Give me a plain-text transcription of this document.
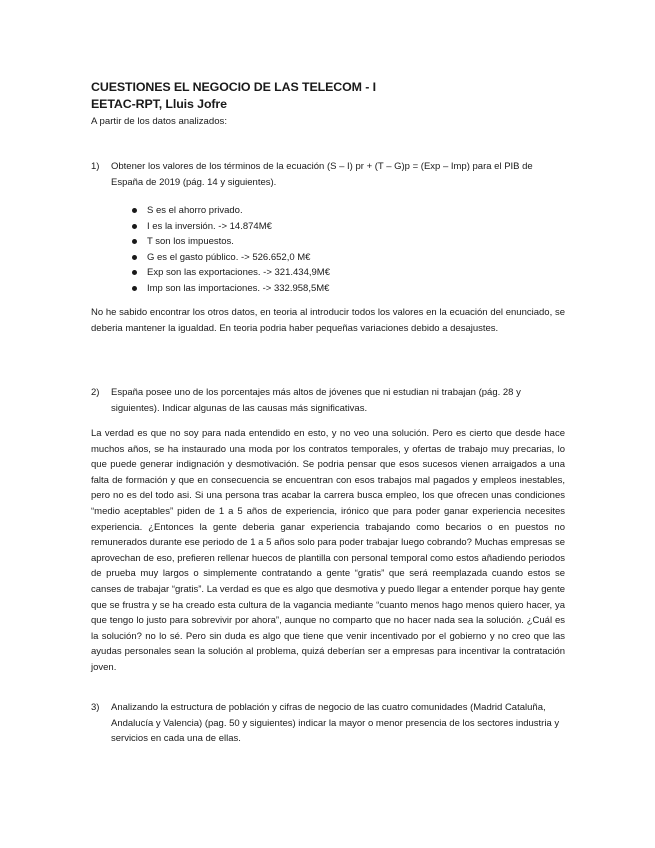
CUESTIONES EL NEGOCIO DE LAS TELECOM - I
EETAC-RPT, Lluis Jofre
A partir de los datos analizados:
1)	Obtener los valores de los términos de la ecuación (S – I) pr + (T – G)p = (Exp – Imp) para el PIB de España de 2019 (pág. 14 y siguientes).
S es el ahorro privado.
I es la inversión. -> 14.874M€
T son los impuestos.
G es el gasto público. -> 526.652,0 M€
Exp son las exportaciones. -> 321.434,9M€
Imp son las importaciones. -> 332.958,5M€

No he sabido encontrar los otros datos, en teoria al introducir todos los valores en la ecuación del enunciado, se deberia mantener la igualdad. En teoria podria haber pequeñas variaciones debido a desajustes.

2)	España posee uno de los porcentajes más altos de jóvenes que ni estudian ni trabajan (pág. 28 y siguientes). Indicar algunas de las causas más significativas.

La verdad es que no soy para nada entendido en esto, y no veo una solución. Pero es cierto que desde hace muchos años, se ha instaurado una moda por los contratos temporales, y ofertas de trabajo muy precarias, lo que puede generar indignación y desmotivación. Se podria pensar que esos sucesos vienen arraigados a una falta de formación y que en consecuencia se encuentran con esos trabajos mal pagados y empleos inestables, pero no es del todo asi. Si una persona tras acabar la carrera busca empleo, los que ofrecen unas condiciones “medio aceptables” piden de 1 a 5 años de experiencia, irónico que para poder ganar experiencia necesites experiencia. ¿Entonces la gente deberia ganar experiencia trabajando como becarios o en puestos no remunerados durante ese periodo de 1 a 5 años solo para poder trabajar luego cobrando? Muchas empresas se aprovechan de eso, prefieren rellenar huecos de plantilla con personal temporal como estos añadiendo periodos de prueba muy largos o simplemente contratando a gente “gratis” que será reemplazada cuando estos se canses de trabajar “gratis”. La verdad es que es algo que desmotiva y puedo llegar a entender porque hay gente que se frustra y se ha creado esta cultura de la vagancia mediante “cuanto menos hago menos quiero hacer, ya que tengo lo justo para sobrevivir por ahora”, aunque no comparto que no hacer nada sea la solución. ¿Cuál es la solución? no lo sé. Pero sin duda es algo que tiene que venir incentivado por el gobierno y no creo que las ayudas personales sean la solución al problema, quizá deberían ser a empresas para incentivar la contratación joven.

3)	Analizando la estructura de población y cifras de negocio de las cuatro comunidades (Madrid Cataluña, Andalucía y Valencia) (pag. 50 y siguientes) indicar la mayor o menor presencia de los sectores industria y servicios en cada una de ellas.
